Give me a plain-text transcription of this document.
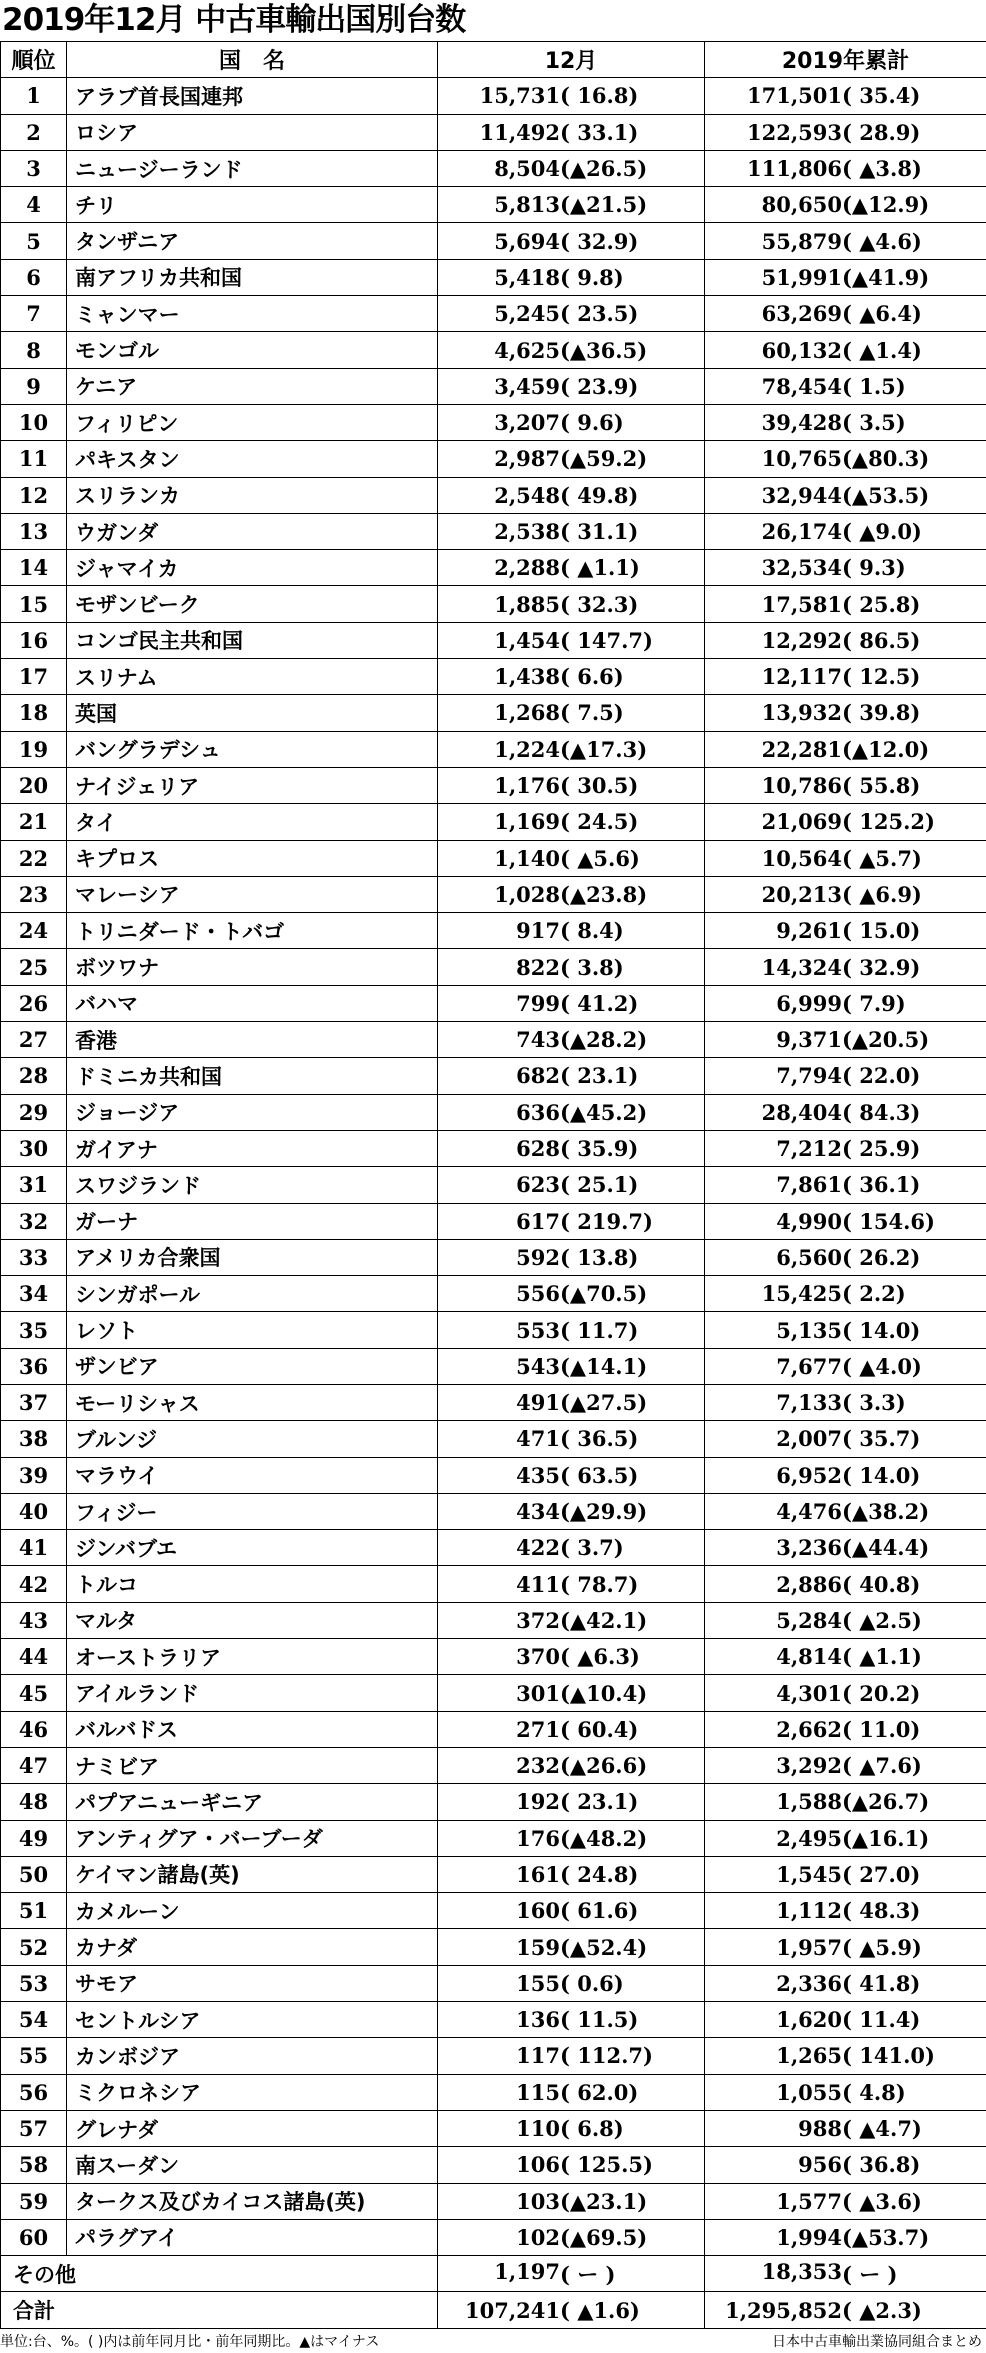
2019年12月 中古車輸出国別台数
順位	国　名	12月	2019年累計
1	アラブ首長国連邦	15,731 ( 16.8)	171,501 ( 35.4)

2	ロシア	11,492 ( 33.1)	122,593 ( 28.9)

3	ニュージーランド	8,504 (▲26.5)	111,806 ( ▲3.8)

4	チリ	5,813 (▲21.5)	80,650 (▲12.9)

5	タンザニア	5,694 ( 32.9)	55,879 ( ▲4.6)

6	南アフリカ共和国	5,418 ( 9.8)	51,991 (▲41.9)

7	ミャンマー	5,245 ( 23.5)	63,269 ( ▲6.4)

8	モンゴル	4,625 (▲36.5)	60,132 ( ▲1.4)

9	ケニア	3,459 ( 23.9)	78,454 ( 1.5)

10	フィリピン	3,207 ( 9.6)	39,428 ( 3.5)

11	パキスタン	2,987 (▲59.2)	10,765 (▲80.3)

12	スリランカ	2,548 ( 49.8)	32,944 (▲53.5)

13	ウガンダ	2,538 ( 31.1)	26,174 ( ▲9.0)

14	ジャマイカ	2,288 ( ▲1.1)	32,534 ( 9.3)

15	モザンビーク	1,885 ( 32.3)	17,581 ( 25.8)

16	コンゴ民主共和国	1,454 ( 147.7)	12,292 ( 86.5)

17	スリナム	1,438 ( 6.6)	12,117 ( 12.5)

18	英国	1,268 ( 7.5)	13,932 ( 39.8)

19	バングラデシュ	1,224 (▲17.3)	22,281 (▲12.0)

20	ナイジェリア	1,176 ( 30.5)	10,786 ( 55.8)

21	タイ	1,169 ( 24.5)	21,069 ( 125.2)

22	キプロス	1,140 ( ▲5.6)	10,564 ( ▲5.7)

23	マレーシア	1,028 (▲23.8)	20,213 ( ▲6.9)

24	トリニダード・トバゴ	917 ( 8.4)	9,261 ( 15.0)

25	ボツワナ	822 ( 3.8)	14,324 ( 32.9)

26	バハマ	799 ( 41.2)	6,999 ( 7.9)

27	香港	743 (▲28.2)	9,371 (▲20.5)

28	ドミニカ共和国	682 ( 23.1)	7,794 ( 22.0)

29	ジョージア	636 (▲45.2)	28,404 ( 84.3)

30	ガイアナ	628 ( 35.9)	7,212 ( 25.9)

31	スワジランド	623 ( 25.1)	7,861 ( 36.1)

32	ガーナ	617 ( 219.7)	4,990 ( 154.6)

33	アメリカ合衆国	592 ( 13.8)	6,560 ( 26.2)

34	シンガポール	556 (▲70.5)	15,425 ( 2.2)

35	レソト	553 ( 11.7)	5,135 ( 14.0)

36	ザンビア	543 (▲14.1)	7,677 ( ▲4.0)

37	モーリシャス	491 (▲27.5)	7,133 ( 3.3)

38	ブルンジ	471 ( 36.5)	2,007 ( 35.7)

39	マラウイ	435 ( 63.5)	6,952 ( 14.0)

40	フィジー	434 (▲29.9)	4,476 (▲38.2)

41	ジンバブエ	422 ( 3.7)	3,236 (▲44.4)

42	トルコ	411 ( 78.7)	2,886 ( 40.8)

43	マルタ	372 (▲42.1)	5,284 ( ▲2.5)

44	オーストラリア	370 ( ▲6.3)	4,814 ( ▲1.1)

45	アイルランド	301 (▲10.4)	4,301 ( 20.2)

46	バルバドス	271 ( 60.4)	2,662 ( 11.0)

47	ナミビア	232 (▲26.6)	3,292 ( ▲7.6)

48	パプアニューギニア	192 ( 23.1)	1,588 (▲26.7)

49	アンティグア・バーブーダ	176 (▲48.2)	2,495 (▲16.1)

50	ケイマン諸島(英)	161 ( 24.8)	1,545 ( 27.0)

51	カメルーン	160 ( 61.6)	1,112 ( 48.3)

52	カナダ	159 (▲52.4)	1,957 ( ▲5.9)

53	サモア	155 ( 0.6)	2,336 ( 41.8)

54	セントルシア	136 ( 11.5)	1,620 ( 11.4)

55	カンボジア	117 ( 112.7)	1,265 ( 141.0)

56	ミクロネシア	115 ( 62.0)	1,055 ( 4.8)

57	グレナダ	110 ( 6.8)	988 ( ▲4.7)

58	南スーダン	106 ( 125.5)	956 ( 36.8)

59	タークス及びカイコス諸島(英)	103 (▲23.1)	1,577 ( ▲3.6)

60	パラグアイ	102 (▲69.5)	1,994 (▲53.7)

その他		1,197 ( ー )	18,353 ( ー )

合計		107,241 ( ▲1.6)	1,295,852 ( ▲2.3)
単位:台、%。( )内は前年同月比・前年同期比。▲はマイナス	日本中古車輸出業協同組合まとめ
